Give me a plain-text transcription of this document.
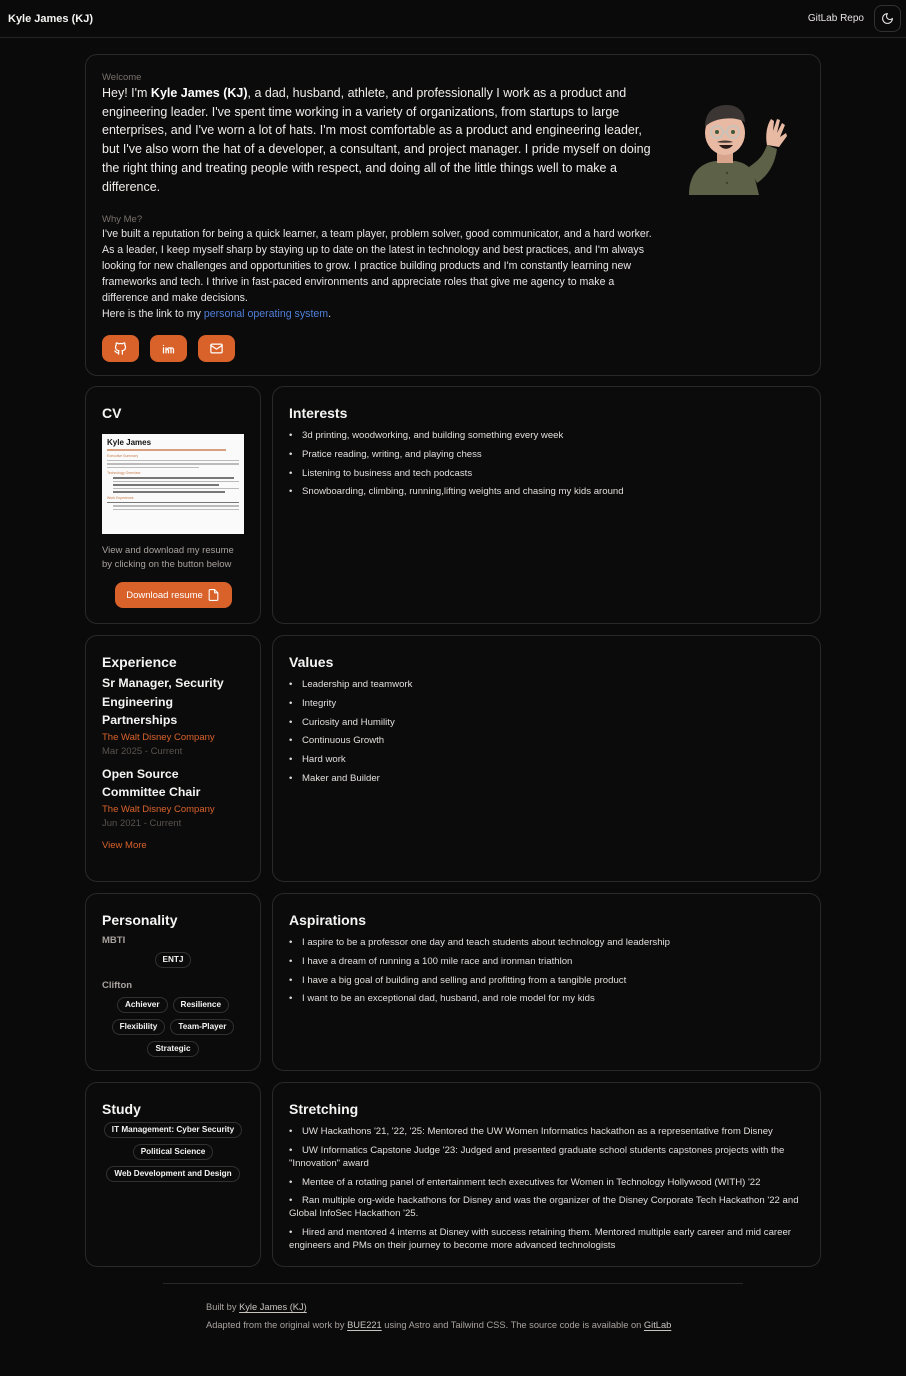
Kyle James (KJ)	GitLab Repo
Welcome

Hey! I'm Kyle James (KJ), a dad, husband, athlete, and professionally I work as a product and engineering leader. I've spent time working in a variety of organizations, from startups to large enterprises, and I've worn a lot of hats. I'm most comfortable as a product and engineering leader, but I've also worn the hat of a developer, a consultant, and project manager. I pride myself on doing the right thing and treating people with respect, and doing all of the little things well to make a difference.

Why Me?

I've built a reputation for being a quick learner, a team player, problem solver, good communicator, and a hard worker. As a leader, I keep myself sharp by staying up to date on the latest in technology and best practices, and I'm always looking for new challenges and opportunities to grow. I practice building products and I'm constantly learning new frameworks and tech. I thrive in fast-paced environments and appreciate roles that give me agency to make a difference and make decisions.

Here is the link to my personal operating system.

CV
Kyle James
Executive Summary
Technology Overview
Work Experience

View and download my resume by clicking on the button below

Download resume
Interests
• 3d printing, woodworking, and building something every week
• Pratice reading, writing, and playing chess
• Listening to business and tech podcasts
• Snowboarding, climbing, running,lifting weights and chasing my kids around
Experience
Sr Manager, Security Engineering Partnerships
The Walt Disney Company
Mar 2025 - Current
Open Source Committee Chair
The Walt Disney Company
Jun 2021 - Current
View More
Values
• Leadership and teamwork
• Integrity
• Curiosity and Humility
• Continuous Growth
• Hard work
• Maker and Builder
Personality
MBTI
ENTJ
Clifton
Achiever	Resilience
Flexibility	Team-Player
Strategic
Aspirations
• I aspire to be a professor one day and teach students about technology and leadership
• I have a dream of running a 100 mile race and ironman triathlon
• I have a big goal of building and selling and profitting from a tangible product
• I want to be an exceptional dad, husband, and role model for my kids
Study
IT Management: Cyber Security
Political Science
Web Development and Design
Stretching
• UW Hackathons '21, '22, '25: Mentored the UW Women Informatics hackathon as a representative from Disney
• UW Informatics Capstone Judge '23: Judged and presented graduate school students capstones projects with the "Innovation" award
• Mentee of a rotating panel of entertainment tech executives for Women in Technology Hollywood (WITH) '22
• Ran multiple org-wide hackathons for Disney and was the organizer of the Disney Corporate Tech Hackathon '22 and Global InfoSec Hackathon '25.
• Hired and mentored 4 interns at Disney with success retaining them. Mentored multiple early career and mid career engineers and PMs on their journey to become more advanced technologists

Built by Kyle James (KJ)

Adapted from the original work by BUE221 using Astro and Tailwind CSS. The source code is available on GitLab
